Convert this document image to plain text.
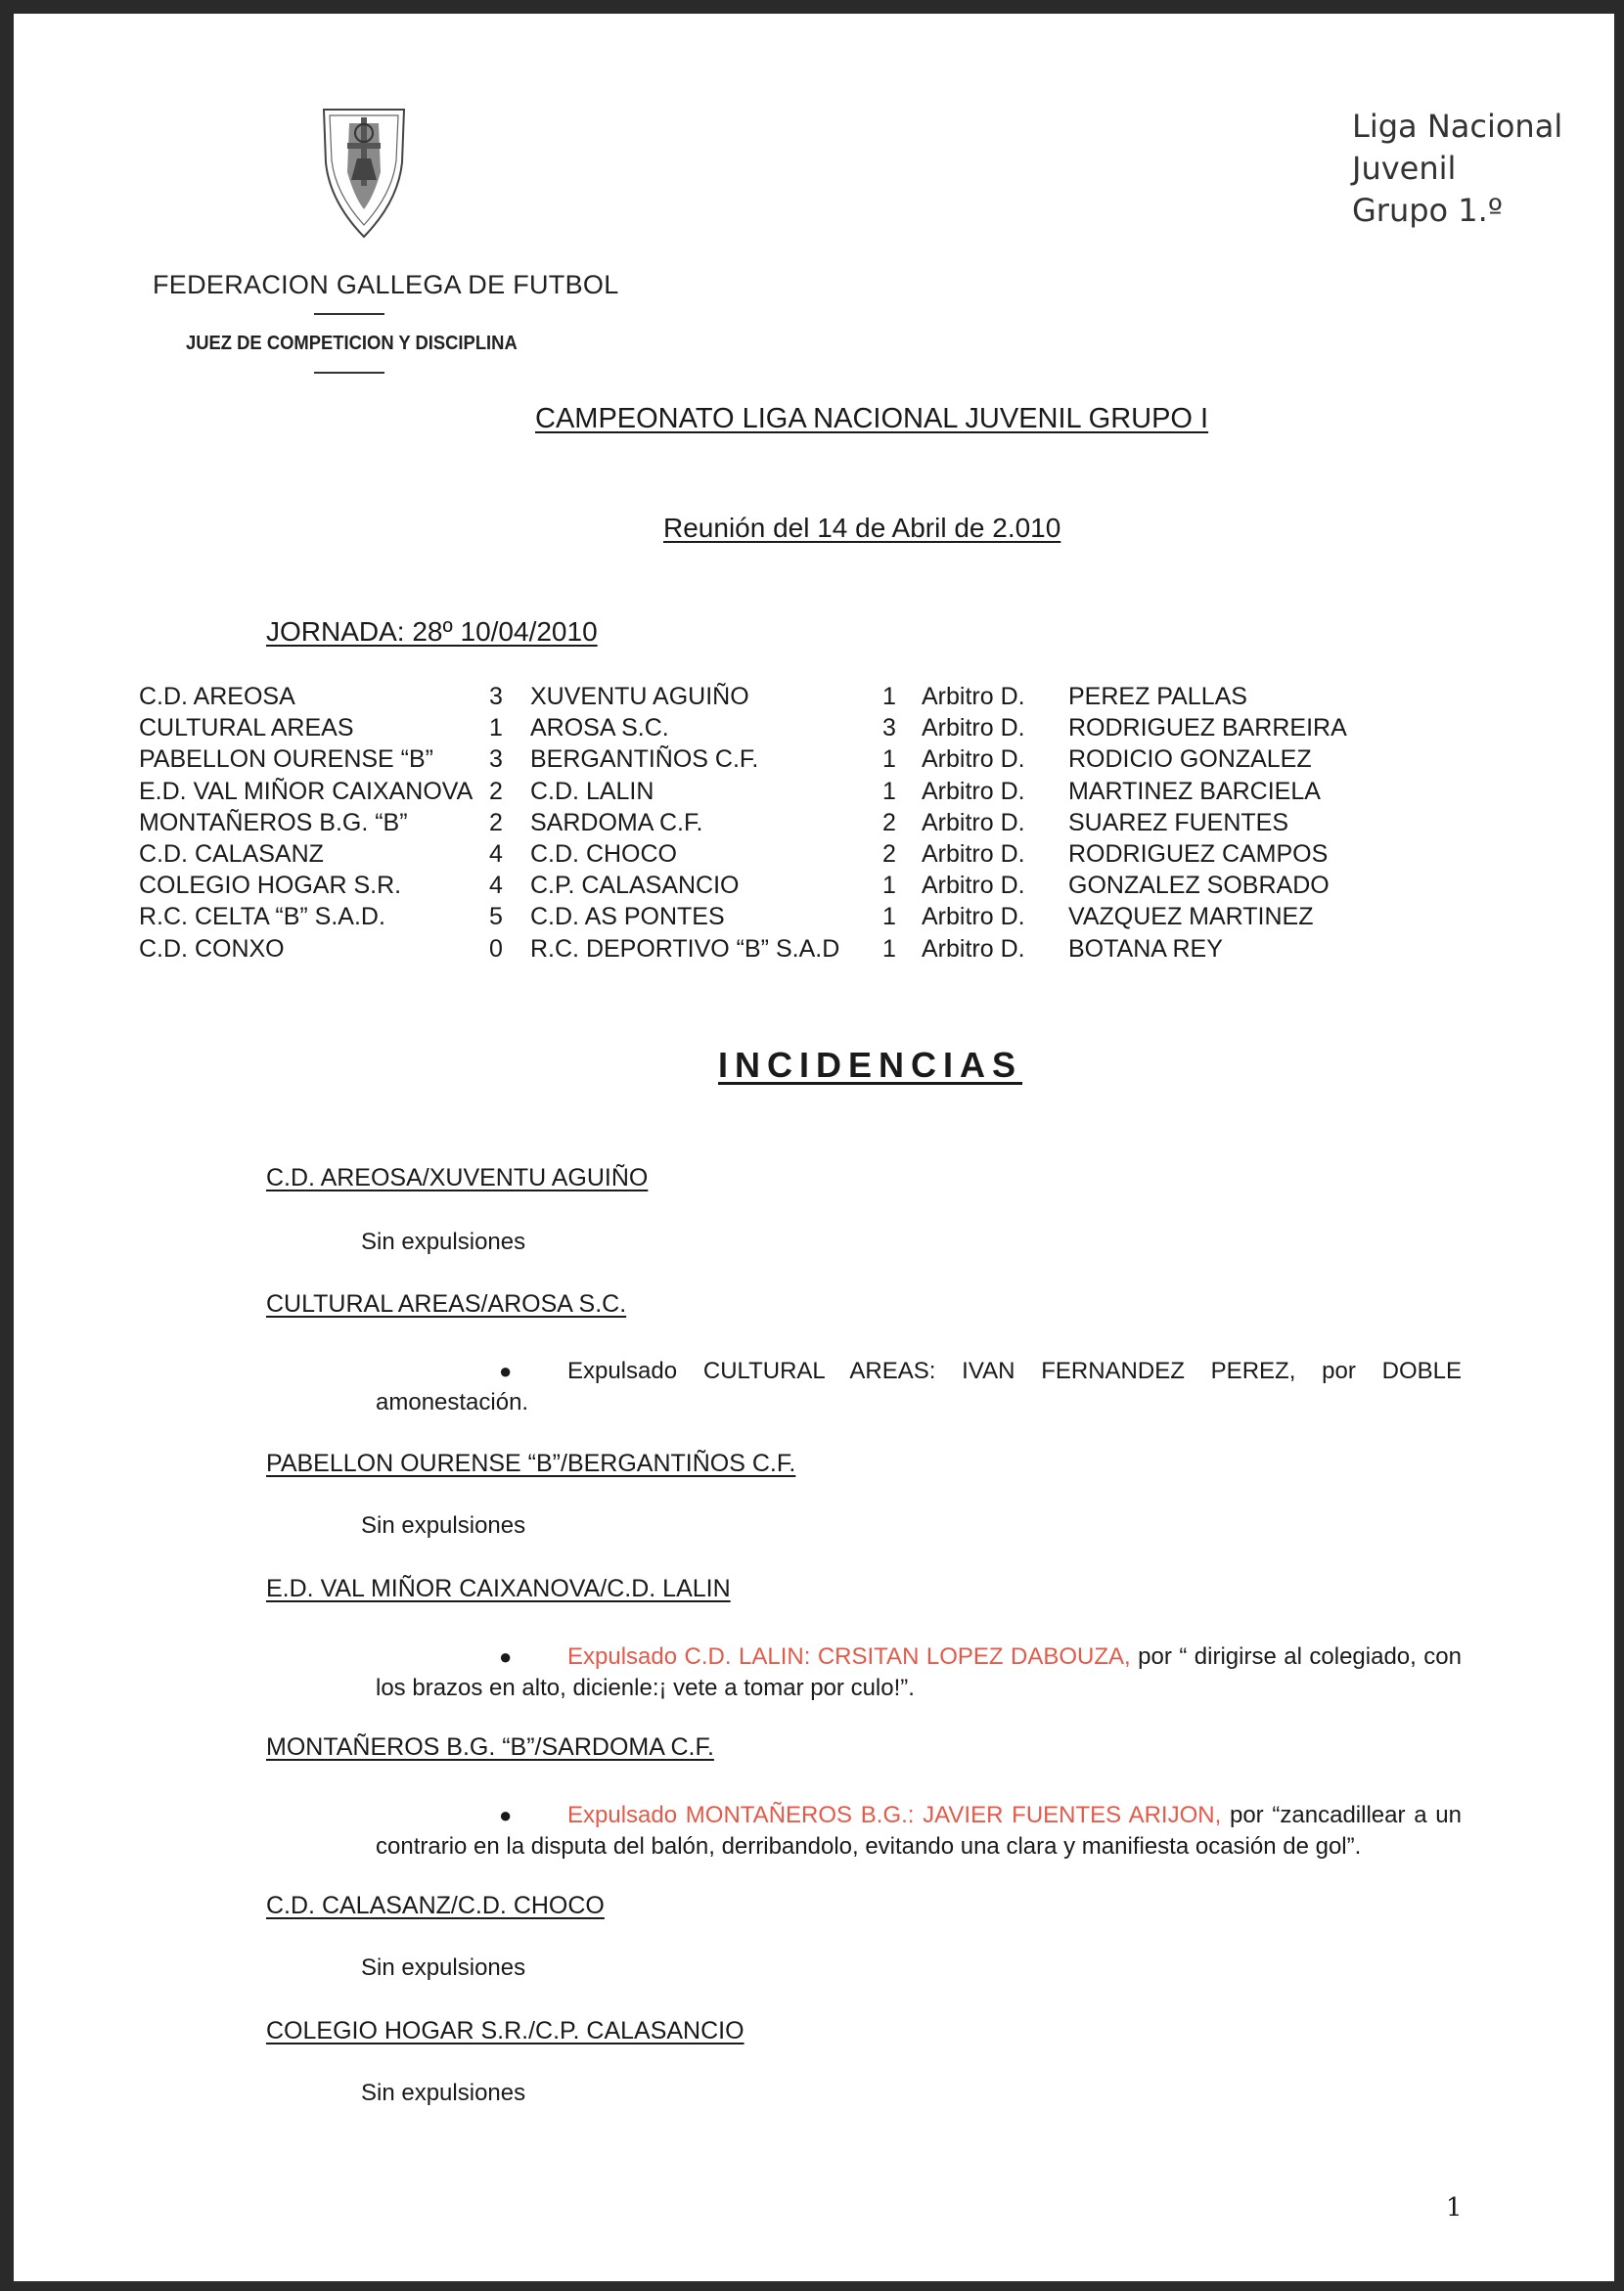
FEDERACION GALLEGA DE FUTBOL
JUEZ DE COMPETICION Y DISCIPLINA
Liga Nacional
Juvenil
Grupo 1.º
CAMPEONATO LIGA NACIONAL JUVENIL GRUPO I
Reunión del 14 de Abril de 2.010
JORNADA: 28º 10/04/2010
C.D. AREOSA	3 XUVENTU AGUIÑO	1 Arbitro D. PEREZ PALLAS
CULTURAL AREAS	1 AROSA S.C.	3 Arbitro D. RODRIGUEZ BARREIRA
PABELLON OURENSE “B” 3 BERGANTIÑOS C.F.	1 Arbitro D. RODICIO GONZALEZ
E.D. VAL MIÑOR CAIXANOVA 2 C.D. LALIN	1 Arbitro D. MARTINEZ BARCIELA
MONTAÑEROS B.G. “B”	2 SARDOMA C.F.	2 Arbitro D. SUAREZ FUENTES
C.D. CALASANZ	4 C.D. CHOCO	2 Arbitro D. RODRIGUEZ CAMPOS
COLEGIO HOGAR S.R.	4 C.P. CALASANCIO	1 Arbitro D. GONZALEZ SOBRADO
R.C. CELTA “B” S.A.D.	5 C.D. AS PONTES	1 Arbitro D. VAZQUEZ MARTINEZ
C.D. CONXO	0 R.C. DEPORTIVO “B” S.A.D 1 Arbitro D. BOTANA REY
INCIDENCIAS
C.D. AREOSA/XUVENTU AGUIÑO
Sin expulsiones
CULTURAL AREAS/AROSA S.C.
●	Expulsado CULTURAL AREAS: IVAN FERNANDEZ PEREZ, por DOBLE
amonestación.
PABELLON OURENSE “B”/BERGANTIÑOS C.F.
Sin expulsiones
E.D. VAL MIÑOR CAIXANOVA/C.D. LALIN
●	Expulsado C.D. LALIN: CRSITAN LOPEZ DABOUZA, por “ dirigirse al colegiado, con
los brazos en alto, dicienle:¡ vete a tomar por culo!”.
MONTAÑEROS B.G. “B”/SARDOMA C.F.
●	Expulsado MONTAÑEROS B.G.: JAVIER FUENTES ARIJON, por “zancadillear a un
contrario en la disputa del balón, derribandolo, evitando una clara y manifiesta ocasión de gol”.
C.D. CALASANZ/C.D. CHOCO
Sin expulsiones
COLEGIO HOGAR S.R./C.P. CALASANCIO
Sin expulsiones
1
